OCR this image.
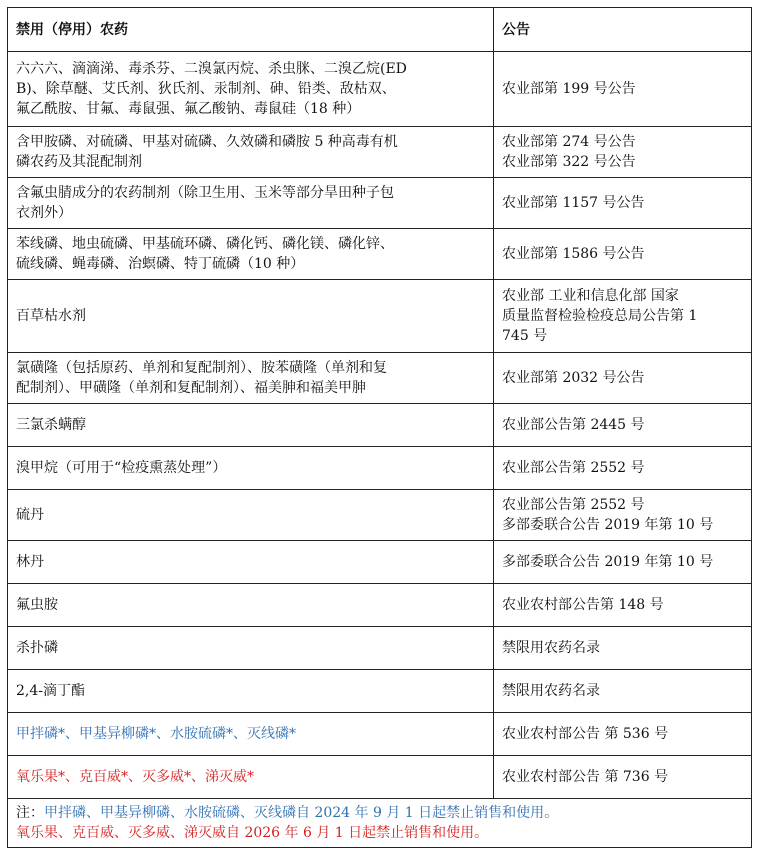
禁用（停用）农药	公告

六六六、滴滴涕、毒杀芬、二溴氯丙烷、杀虫脒、二溴乙烷(ED
B)、除草醚、艾氏剂、狄氏剂、汞制剂、砷、铅类、敌枯双、
氟乙酰胺、甘氟、毒鼠强、氟乙酸钠、毒鼠硅（18 种）	农业部第 199 号公告

含甲胺磷、对硫磷、甲基对硫磷、久效磷和磷胺 5 种高毒有机
磷农药及其混配制剂	农业部第 274 号公告
农业部第 322 号公告

含氟虫腈成分的农药制剂（除卫生用、玉米等部分旱田种子包
衣剂外）	农业部第 1157 号公告

苯线磷、地虫硫磷、甲基硫环磷、磷化钙、磷化镁、磷化锌、
硫线磷、蝇毒磷、治螟磷、特丁硫磷（10 种）	农业部第 1586 号公告

百草枯水剂	农业部 工业和信息化部 国家
质量监督检验检疫总局公告第 1
745 号

氯磺隆（包括原药、单剂和复配制剂）、胺苯磺隆（单剂和复
配制剂）、甲磺隆（单剂和复配制剂）、福美胂和福美甲胂	农业部第 2032 号公告

三氯杀螨醇	农业部公告第 2445 号

溴甲烷（可用于“检疫熏蒸处理”）	农业部公告第 2552 号

硫丹	农业部公告第 2552 号
多部委联合公告 2019 年第 10 号

林丹	多部委联合公告 2019 年第 10 号

氟虫胺	农业农村部公告第 148 号

杀扑磷	禁限用农药名录

2,4-滴丁酯	禁限用农药名录

甲拌磷*、甲基异柳磷*、水胺硫磷*、灭线磷*	农业农村部公告 第 536 号

氧乐果*、克百威*、灭多威*、涕灭威*	农业农村部公告 第 736 号

注：甲拌磷、甲基异柳磷、水胺硫磷、灭线磷自 2024 年 9 月 1 日起禁止销售和使用。
氧乐果、克百威、灭多威、涕灭威自 2026 年 6 月 1 日起禁止销售和使用。	
